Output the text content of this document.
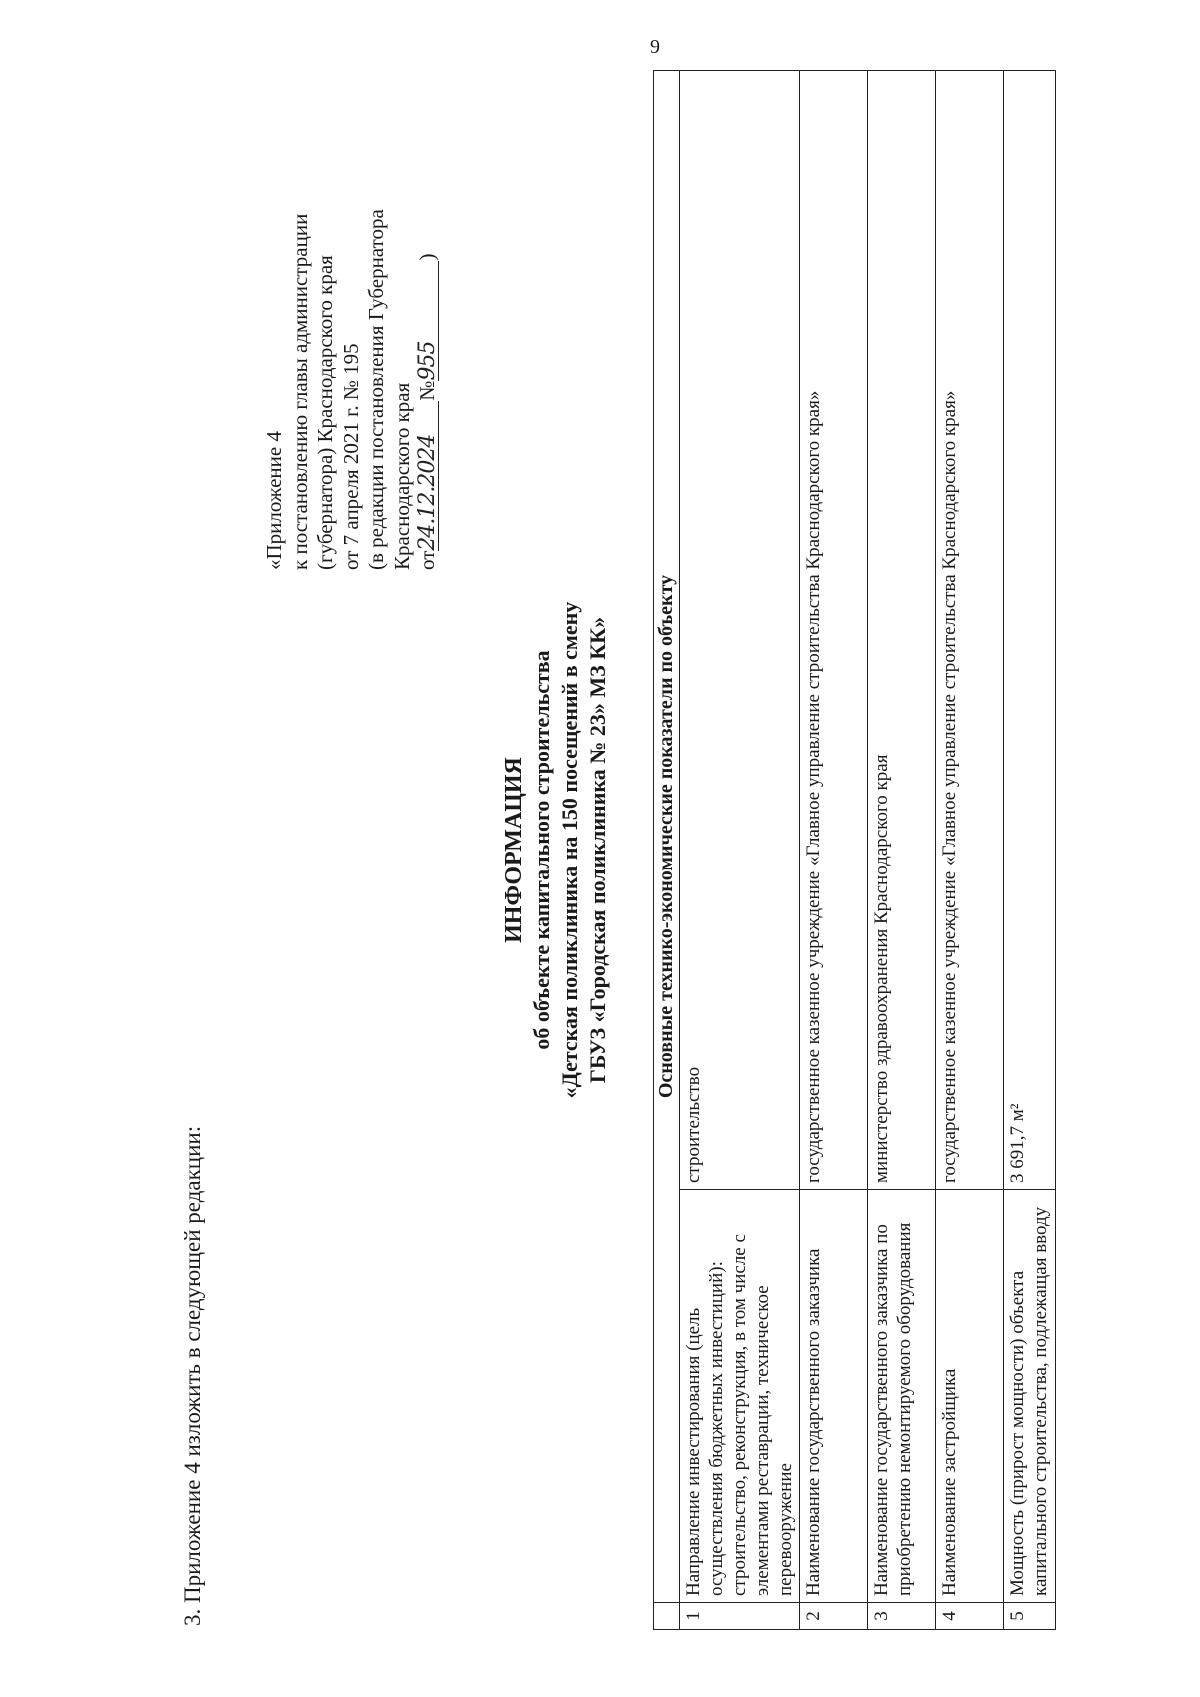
9
3. Приложение 4 изложить в следующей редакции:
«Приложение 4 к постановлению главы администрации (губернатора) Краснодарского края от 7 апреля 2021 г. № 195 (в редакции постановления Губернатора Краснодарского края от24.12.2024№955)
ИНФОРМАЦИЯ об объекте капитального строительства «Детская поликлиника на 150 посещений в смену ГБУЗ «Городская поликлиника № 23» МЗ КК»
	Основные технико-экономические показатели по объекту	
1	Направление инвестирования (цель осуществления бюджетных инвестиций): строительство, реконструкция, в том числе с элементами реставрации, техническое перевооружение	строительство
2	Наименование государственного заказчика	государственное казенное учреждение «Главное управление строительства Краснодарского края»
3	Наименование государственного заказчика по приобретению немонтируемого оборудования	министерство здравоохранения Краснодарского края
4	Наименование застройщика	государственное казенное учреждение «Главное управление строительства Краснодарского края»
5	Мощность (прирост мощности) объекта капитального строительства, подлежащая вводу	3 691,7 м²
